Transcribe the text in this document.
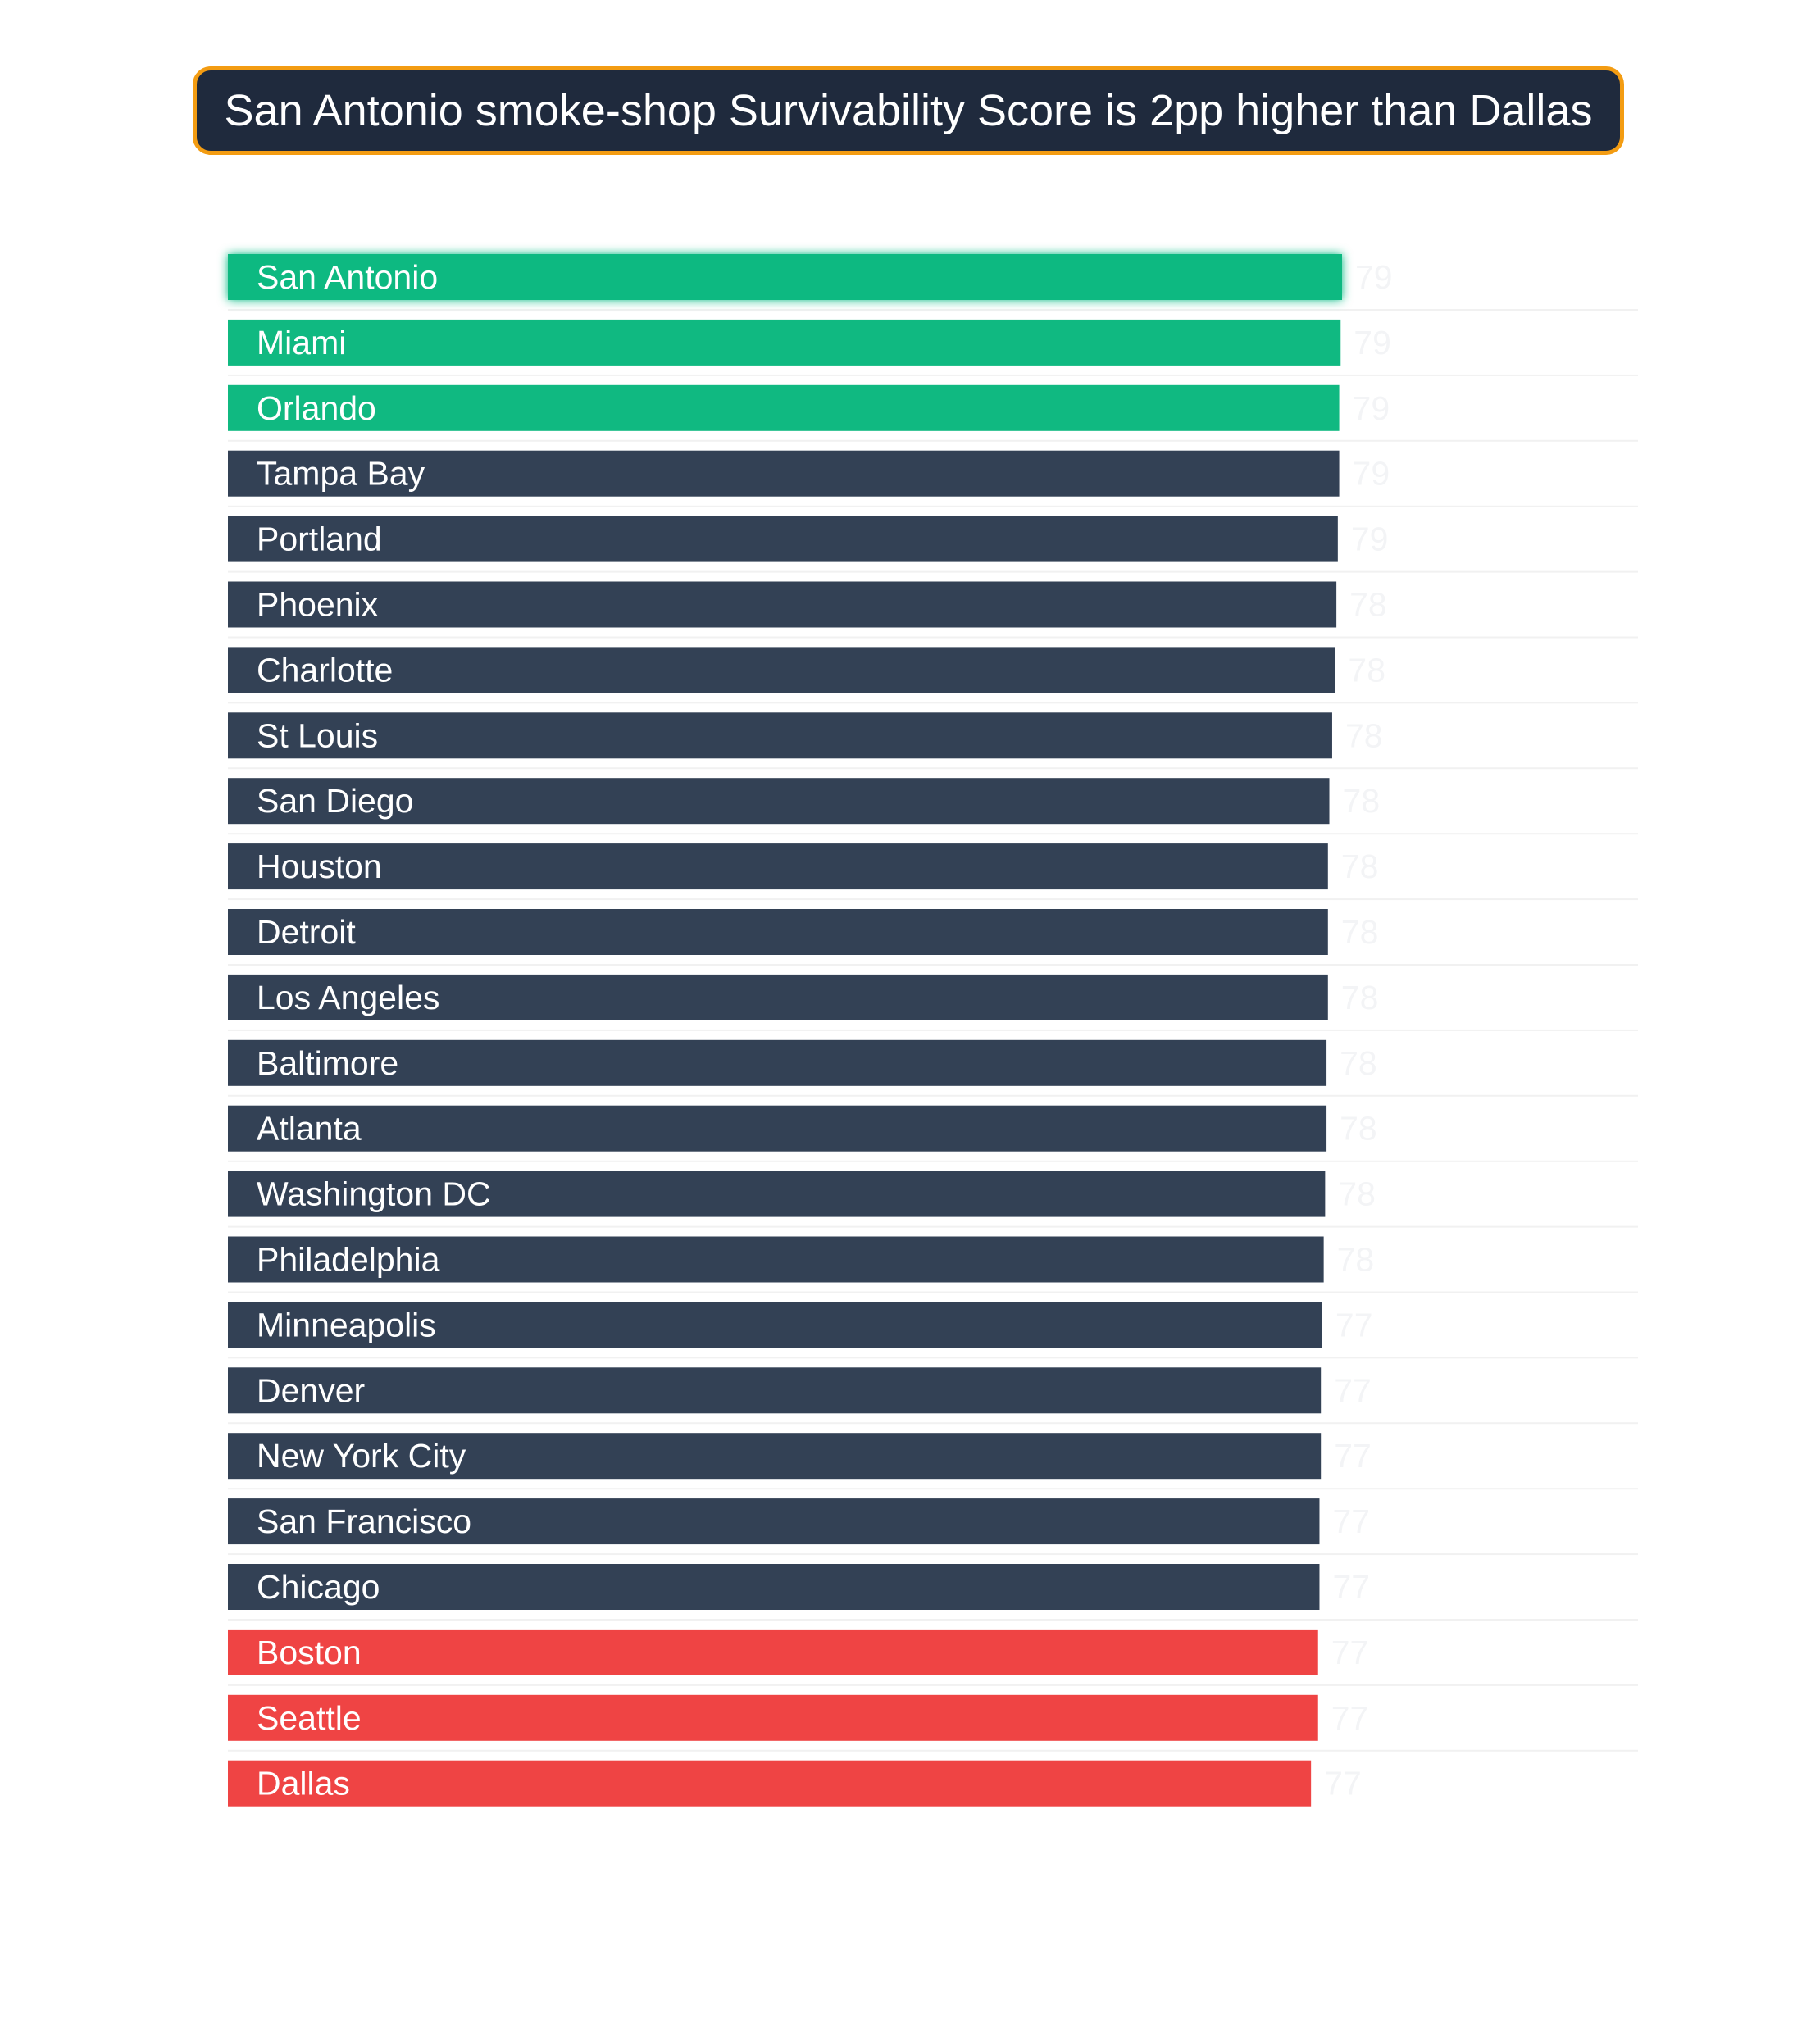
San Antonio smoke-shop Survivability Score is 2pp higher than Dallas
San Antonio	79
Miami	79
Orlando	79
Tampa Bay	79
Portland	79
Phoenix	78
Charlotte	78
St Louis	78
San Diego	78
Houston	78
Detroit	78
Los Angeles	78
Baltimore	78
Atlanta	78
Washington DC	78
Philadelphia	78
Minneapolis	77
Denver	77
New York City	77
San Francisco	77
Chicago	77
Boston	77
Seattle	77
Dallas	77
